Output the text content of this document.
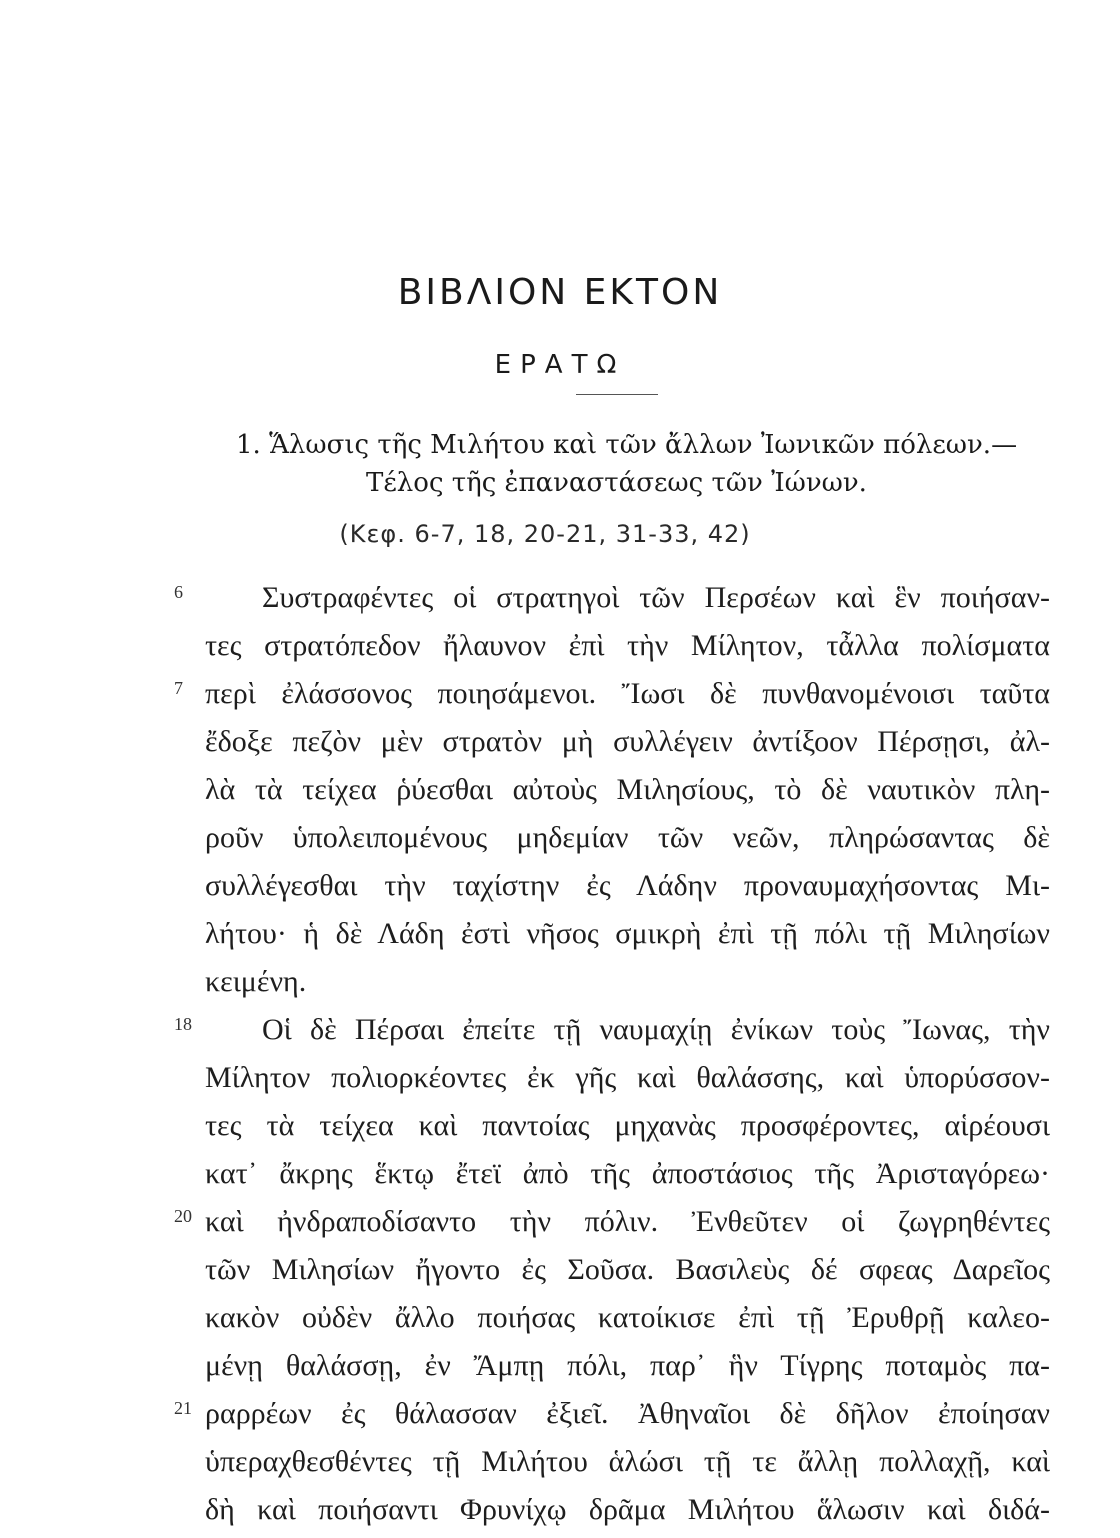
ΒΙΒΛΙΟΝ ΕΚΤΟΝ
ΕΡΑΤΩ
1. Ἅλωσις τῆς Μιλήτου καὶ τῶν ἄλλων Ἰωνικῶν πόλεων.—
Τέλος τῆς ἐπαναστάσεως τῶν Ἰώνων.
(Κεφ. 6-7, 18, 20-21, 31-33, 42)
6	Συστραφέντες οἱ στρατηγοὶ τῶν Περσέων καὶ ἓν ποιήσαν-
τες στρατόπεδον ἤλαυνον ἐπὶ τὴν Μίλητον, τἆλλα πολίσματα
7 περὶ ἐλάσσονος ποιησάμενοι. Ἴωσι δὲ πυνθανομένοισι ταῦτα
ἔδοξε πεζὸν μὲν στρατὸν μὴ συλλέγειν ἀντίξοον Πέρσῃσι, ἀλ-
λὰ τὰ τείχεα ῥύεσθαι αὐτοὺς Μιλησίους, τὸ δὲ ναυτικὸν πλη-
ροῦν ὑπολειπομένους μηδεμίαν τῶν νεῶν, πληρώσαντας δὲ
συλλέγεσθαι τὴν ταχίστην ἐς Λάδην προναυμαχήσοντας Μι-
λήτου· ἡ δὲ Λάδη ἐστὶ νῆσος σμικρὴ ἐπὶ τῇ πόλι τῇ Μιλησίων
κειμένη.
18	Οἱ δὲ Πέρσαι ἐπείτε τῇ ναυμαχίῃ ἐνίκων τοὺς Ἴωνας, τὴν
Μίλητον πολιορκέοντες ἐκ γῆς καὶ θαλάσσης, καὶ ὑπορύσσον-
τες τὰ τείχεα καὶ παντοίας μηχανὰς προσφέροντες, αἱρέουσι
κατ᾽ ἄκρης ἕκτῳ ἔτεϊ ἀπὸ τῆς ἀποστάσιος τῆς Ἀρισταγόρεω·
20 καὶ ἠνδραποδίσαντο τὴν πόλιν. Ἐνθεῦτεν οἱ ζωγρηθέντες
τῶν Μιλησίων ἤγοντο ἐς Σοῦσα. Βασιλεὺς δέ σφεας Δαρεῖος
κακὸν οὐδὲν ἄλλο ποιήσας κατοίκισε ἐπὶ τῇ Ἐρυθρῇ καλεο-
μένῃ θαλάσσῃ, ἐν Ἄμπῃ πόλι, παρ᾽ ἣν Τίγρης ποταμὸς πα-
21 ραρρέων ἐς θάλασσαν ἐξιεῖ. Ἀθηναῖοι δὲ δῆλον ἐποίησαν
ὑπεραχθεσθέντες τῇ Μιλήτου ἁλώσι τῇ τε ἄλλῃ πολλαχῇ, καὶ
δὴ καὶ ποιήσαντι Φρυνίχῳ δρᾶμα Μιλήτου ἅλωσιν καὶ διδά-
